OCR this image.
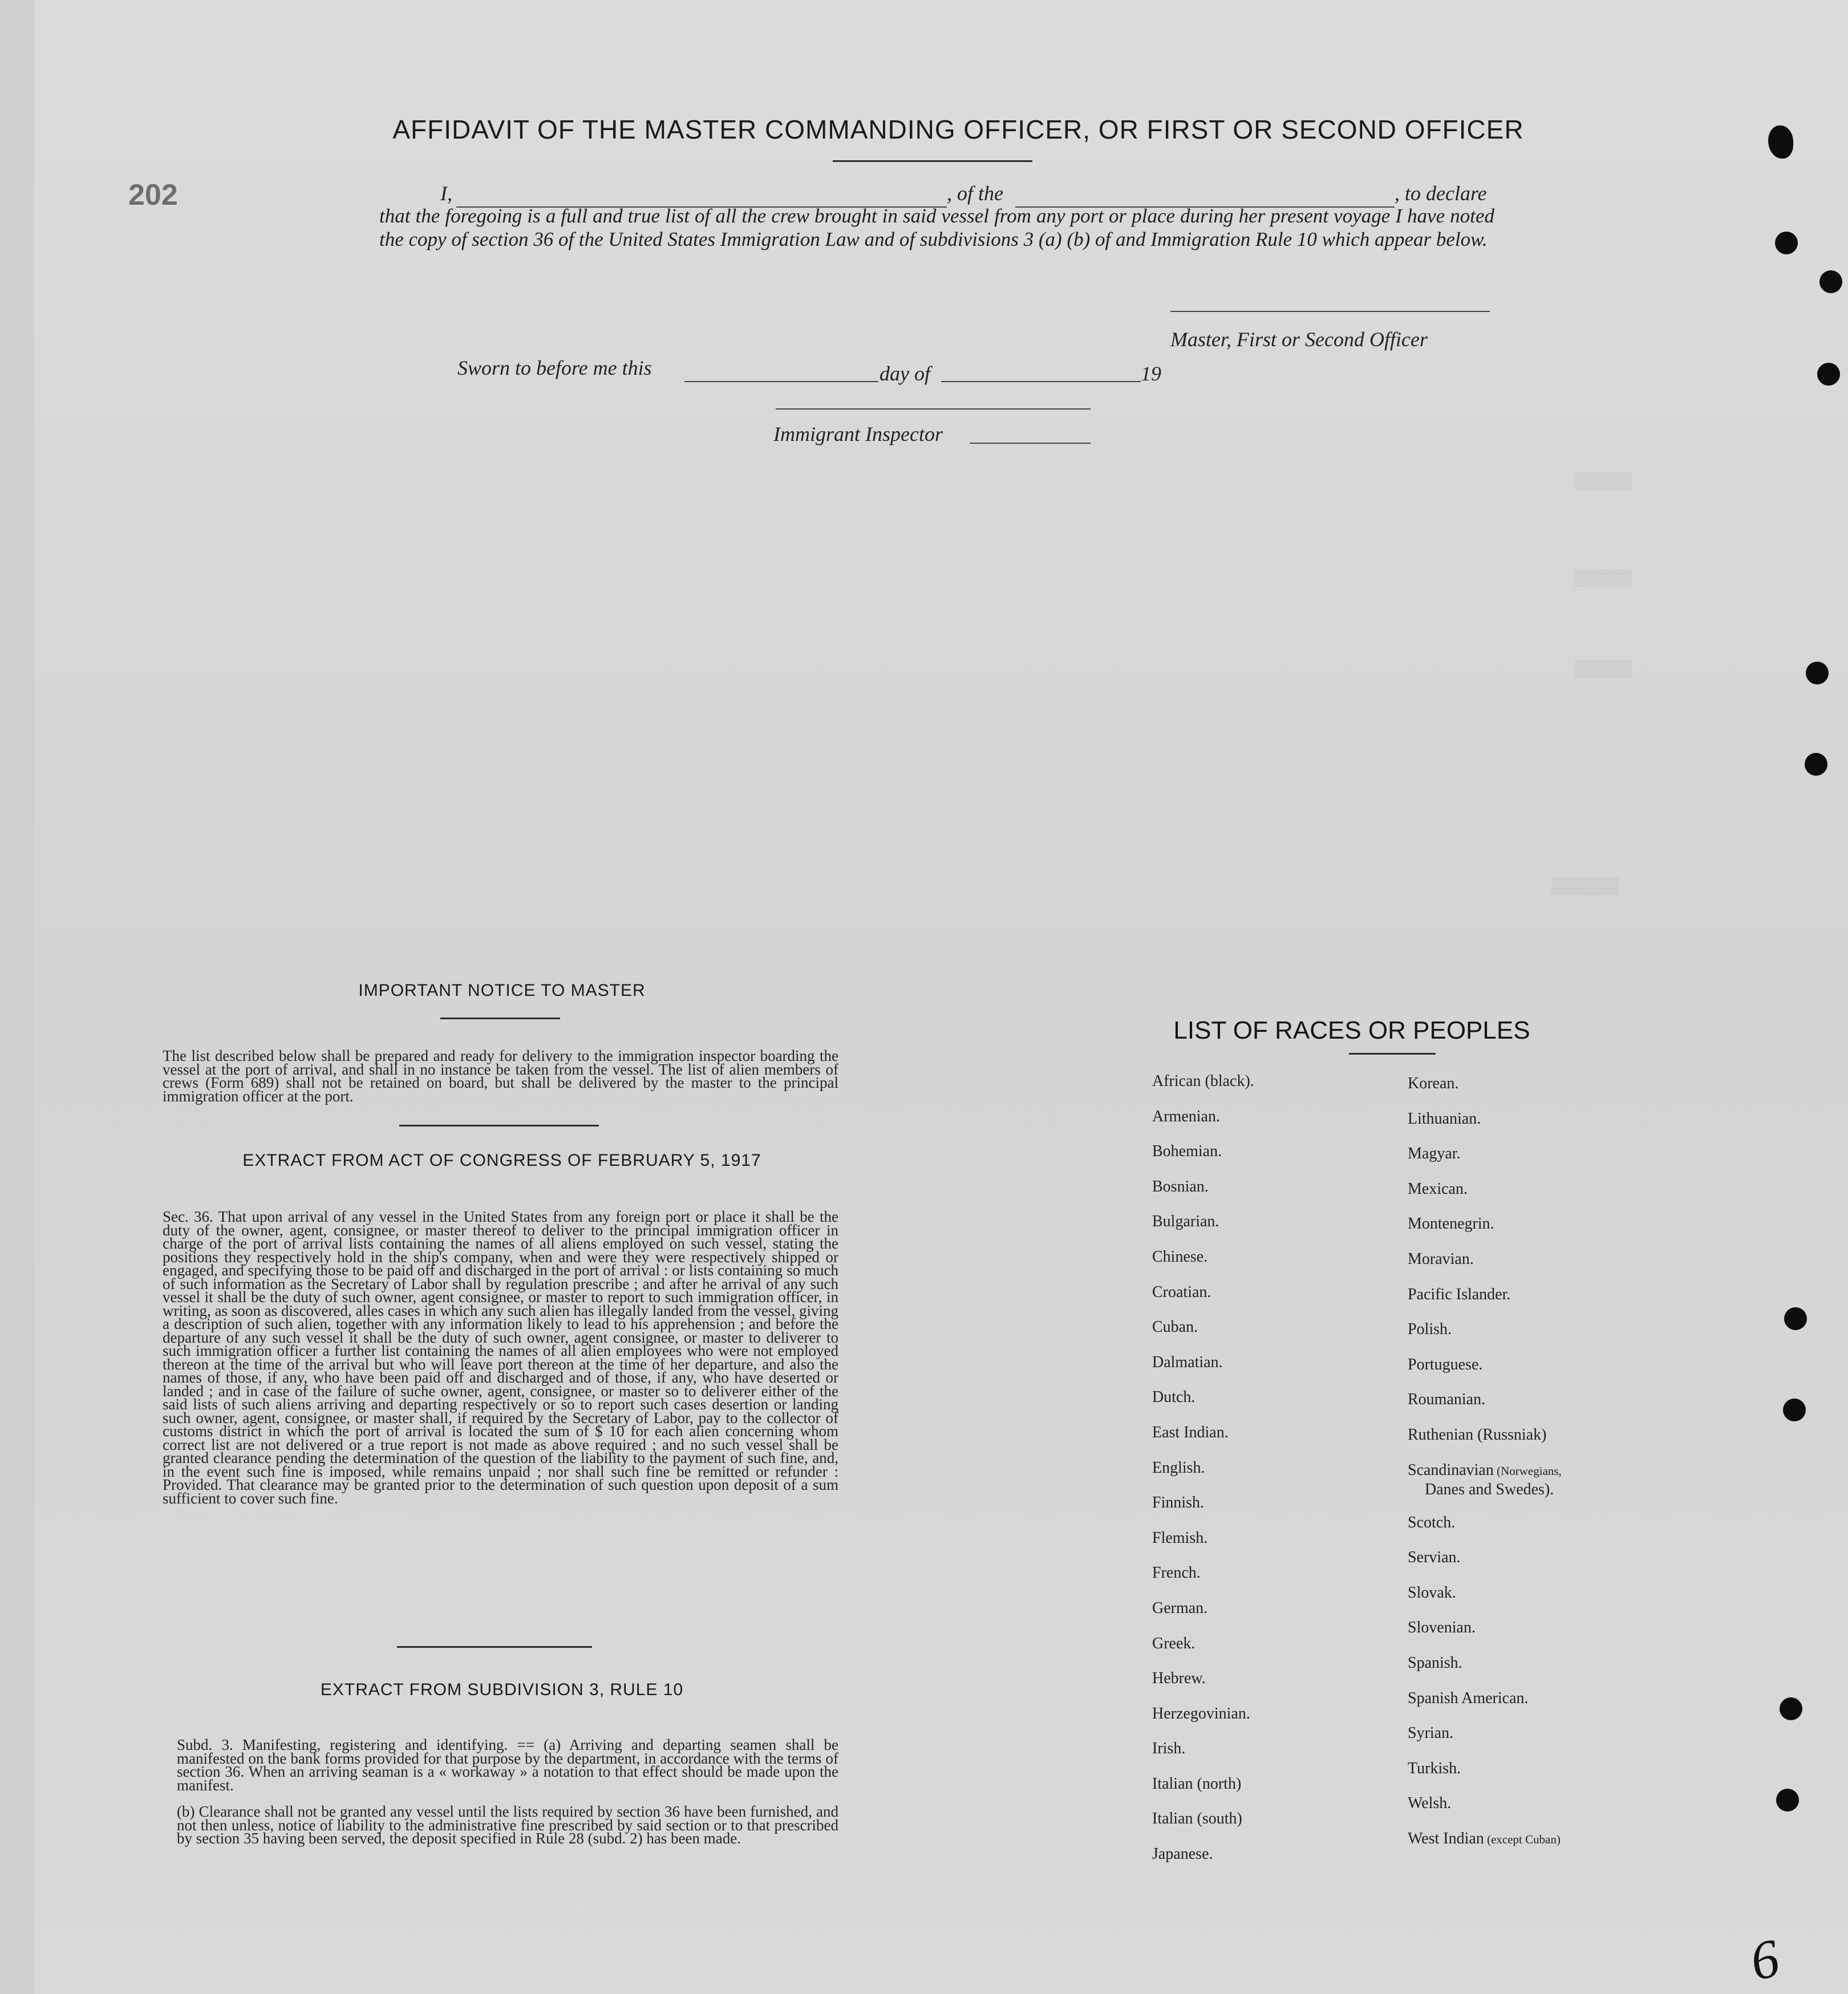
▒▒▒▒▒▒
▒▒▒▒▒▒
▒▒▒▒▒▒
▒▒▒▒▒▒▒
202
AFFIDAVIT OF THE MASTER COMMANDING OFFICER, OR FIRST OR SECOND OFFICER
I,	, of the	, to declare
that the foregoing is a full and true list of all the crew brought in said vessel from any port or place during her present voyage I have noted the copy of section 36 of the United States Immigration Law and of subdivisions 3 (a) (b) of and Immigration Rule 10 which appear below.
Master, First or Second Officer
Sworn to before me this	day of	19
Immigrant Inspector
IMPORTANT NOTICE TO MASTER
The list described below shall be prepared and ready for delivery to the immigration inspector boarding the vessel at the port of arrival, and shall in no instance be taken from the vessel. The list of alien members of crews (Form 689) shall not be retained on board, but shall be delivered by the master to the principal immigration officer at the port.
EXTRACT FROM ACT OF CONGRESS OF FEBRUARY 5, 1917
Sec. 36. That upon arrival of any vessel in the United States from any foreign port or place it shall be the duty of the owner, agent, consignee, or master thereof to deliver to the principal immigration officer in charge of the port of arrival lists containing the names of all aliens employed on such vessel, stating the positions they respectively hold in the ship's company, when and were they were respectively shipped or engaged, and specifying those to be paid off and discharged in the port of arrival : or lists containing so much of such information as the Secretary of Labor shall by regulation prescribe ; and after he arrival of any such vessel it shall be the duty of such owner, agent consignee, or master to report to such immigration officer, in writing, as soon as discovered, alles cases in which any such alien has illegally landed from the vessel, giving a description of such alien, together with any information likely to lead to his apprehension ; and before the departure of any such vessel it shall be the duty of such owner, agent consignee, or master to deliverer to such immigration officer a further list containing the names of all alien employees who were not employed thereon at the time of the arrival but who will leave port thereon at the time of her departure, and also the names of those, if any, who have been paid off and discharged and of those, if any, who have deserted or landed ; and in case of the failure of suche owner, agent, consignee, or master so to deliverer either of the said lists of such aliens arriving and departing respectively or so to report such cases desertion or landing such owner, agent, consignee, or master shall, if required by the Secretary of Labor, pay to the collector of customs district in which the port of arrival is located the sum of $ 10 for each alien concerning whom correct list are not delivered or a true report is not made as above required ; and no such vessel shall be granted clearance pending the determination of the question of the liability to the payment of such fine, and, in the event such fine is imposed, while remains unpaid ; nor shall such fine be remitted or refunder : Provided. That clearance may be granted prior to the determination of such question upon deposit of a sum sufficient to cover such fine.
EXTRACT FROM SUBDIVISION 3, RULE 10
Subd. 3. Manifesting, registering and identifying. == (a) Arriving and departing seamen shall be manifested on the bank forms provided for that purpose by the department, in accordance with the terms of section 36. When an arriving seaman is a « workaway » a notation to that effect should be made upon the manifest.
(b) Clearance shall not be granted any vessel until the lists required by section 36 have been furnished, and not then unless, notice of liability to the administrative fine prescribed by said section or to that prescribed by section 35 having been served, the deposit specified in Rule 28 (subd. 2) has been made.
LIST OF RACES OR PEOPLES
African (black).
Armenian.
Bohemian.
Bosnian.
Bulgarian.
Chinese.
Croatian.
Cuban.
Dalmatian.
Dutch.
East Indian.
English.
Finnish.
Flemish.
French.
German.
Greek.
Hebrew.
Herzegovinian.
Irish.
Italian (north)
Italian (south)
Japanese.
Korean.
Lithuanian.
Magyar.
Mexican.
Montenegrin.
Moravian.
Pacific Islander.
Polish.
Portuguese.
Roumanian.
Ruthenian (Russniak)
Scandinavian (Norwegians,
Danes and Swedes).
Scotch.
Servian.
Slovak.
Slovenian.
Spanish.
Spanish American.
Syrian.
Turkish.
Welsh.
West Indian (except Cuban)
6
